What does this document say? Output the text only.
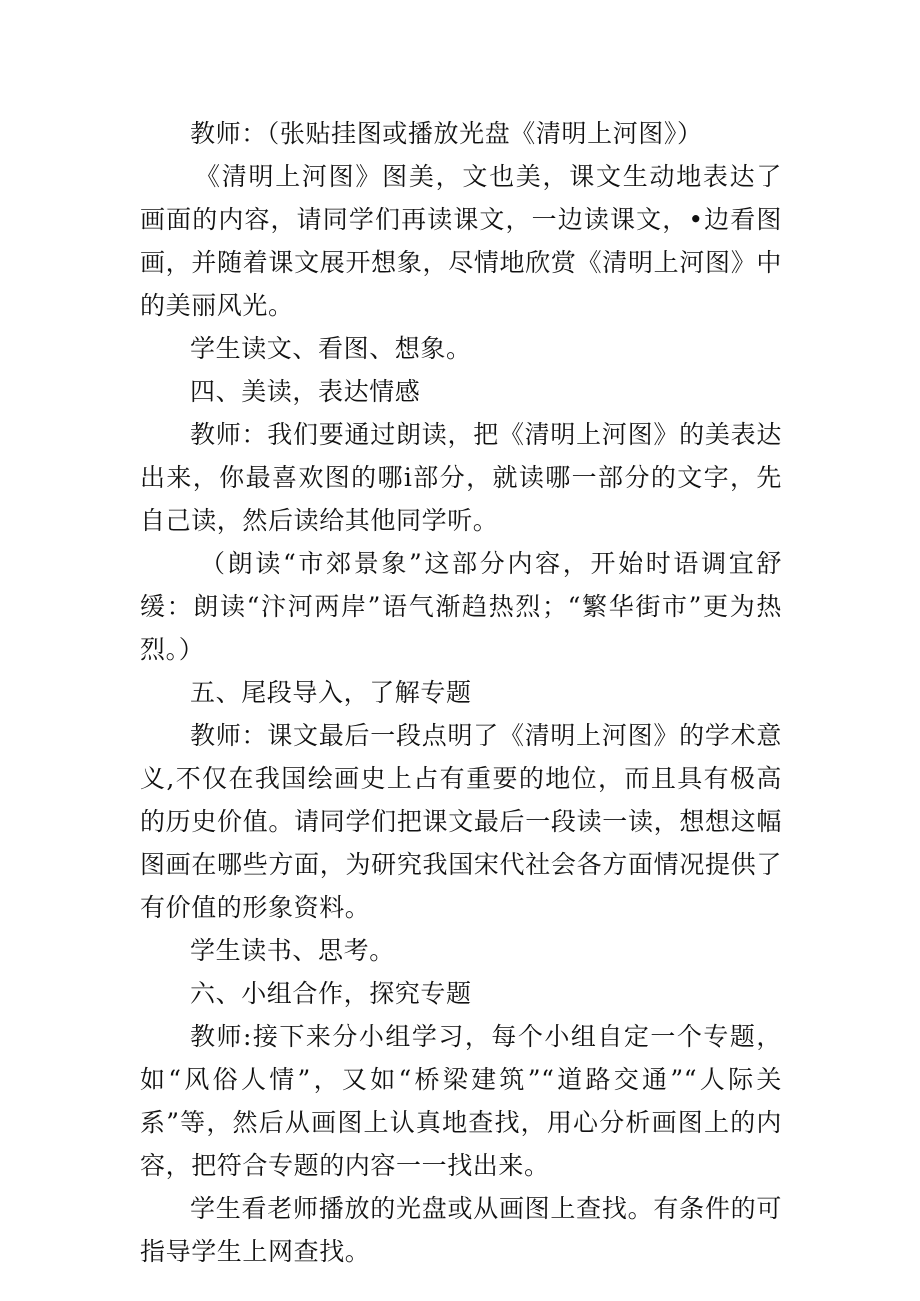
教师：（张贴挂图或播放光盘《清明上河图》）

《清明上河图》图美，文也美，课文生动地表达了画面的内容，请同学们再读课文，一边读课文，•边看图画，并随着课文展开想象，尽情地欣赏《清明上河图》中的美丽风光。

学生读文、看图、想象。

四、美读，表达情感

教师：我们要通过朗读，把《清明上河图》的美表达出来，你最喜欢图的哪i部分，就读哪一部分的文字，先自己读，然后读给其他同学听。

（朗读“市郊景象”这部分内容，开始时语调宜舒缓：朗读“汴河两岸”语气渐趋热烈；“繁华街市”更为热烈。）

五、尾段导入，了解专题

教师：课文最后一段点明了《清明上河图》的学术意义,不仅在我国绘画史上占有重要的地位，而且具有极高的历史价值。请同学们把课文最后一段读一读，想想这幅图画在哪些方面，为研究我国宋代社会各方面情况提供了有价值的形象资料。

学生读书、思考。

六、小组合作，探究专题

教师:接下来分小组学习，每个小组自定一个专题，如“风俗人情”，又如“桥梁建筑”“道路交通”“人际关系”等，然后从画图上认真地查找，用心分析画图上的内容，把符合专题的内容一一找出来。

学生看老师播放的光盘或从画图上查找。有条件的可指导学生上网查找。
